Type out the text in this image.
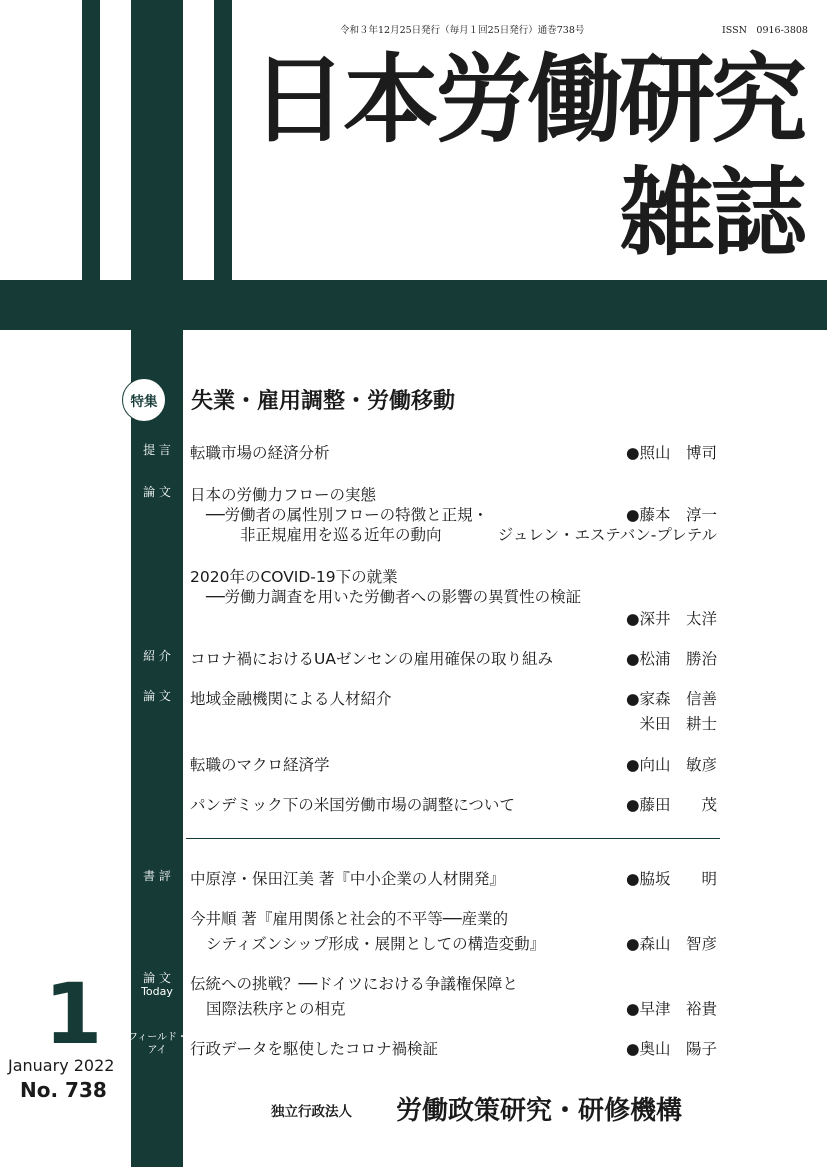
令和３年12月25日発行（毎月１回25日発行）通巻738号	ISSN　0916-3808
日本労働研究
雑誌
特集	失業・雇用調整・労働移動
提 言	転職市場の経済分析	●照山　博司
論 文	日本の労働力フローの実態
──労働者の属性別フローの特徴と正規・
非正規雇用を巡る近年の動向
●藤本　淳一
ジュレン・エステバン-プレテル
2020年のCOVID-19下の就業
──労働力調査を用いた労働者への影響の異質性の検証
●深井　太洋
紹 介	コロナ禍におけるUAゼンセンの雇用確保の取り組み	●松浦　勝治
論 文	地域金融機関による人材紹介	●家森　信善
米田　耕士
転職のマクロ経済学	●向山　敏彦
パンデミック下の米国労働市場の調整について	●藤田　　茂
書 評	中原淳・保田江美 著『中小企業の人材開発』	●脇坂　　明
今井順 著『雇用関係と社会的不平等──産業的
シティズンシップ形成・展開としての構造変動』	●森山　智彦
論 文
Today	伝統への挑戦？──ドイツにおける争議権保障と
国際法秩序との相克	●早津　裕貴
フィールド・
アイ	行政データを駆使したコロナ禍検証	●奥山　陽子
1
January 2022
No. 738
独立行政法人 労働政策研究・研修機構
